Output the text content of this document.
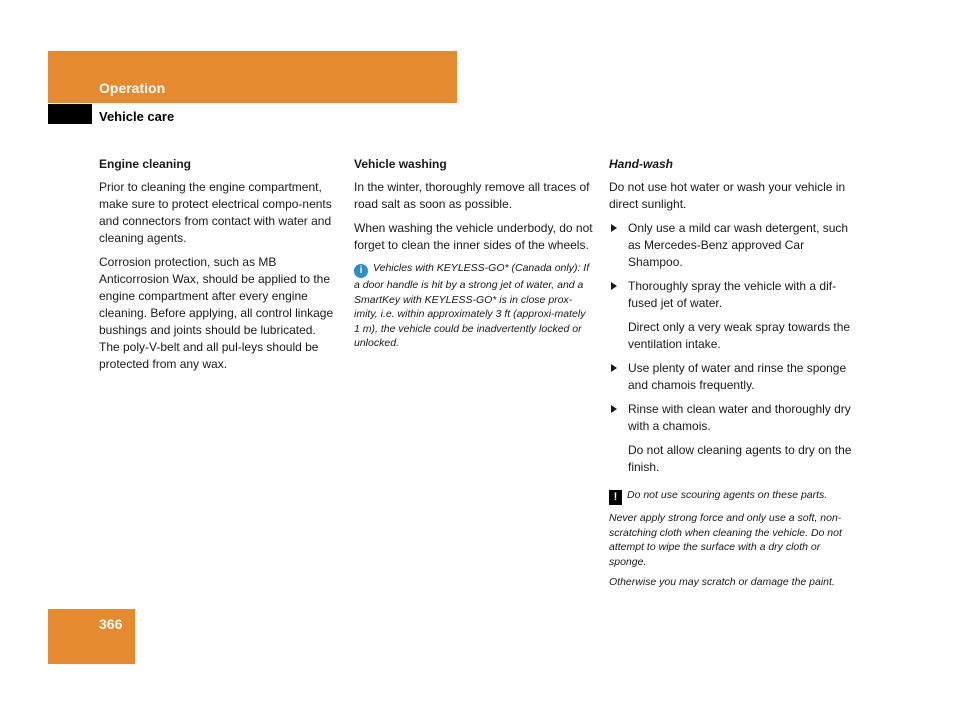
Operation
Vehicle care
Engine cleaning

Prior to cleaning the engine compartment, make sure to protect electrical compo-nents and connectors from contact with water and cleaning agents.

Corrosion protection, such as MB Anticorrosion Wax, should be applied to the engine compartment after every engine cleaning. Before applying, all control linkage bushings and joints should be lubricated. The poly-V-belt and all pul-leys should be protected from any wax.

Vehicle washing

In the winter, thoroughly remove all traces of road salt as soon as possible.

When washing the vehicle underbody, do not forget to clean the inner sides of the wheels.

i Vehicles with KEYLESS-GO* (Canada only): If a door handle is hit by a strong jet of water, and a SmartKey with KEYLESS-GO* is in close prox-imity, i.e. within approximately 3 ft (approxi-mately 1 m), the vehicle could be inadvertently locked or unlocked.

Hand-wash

Do not use hot water or wash your vehicle in direct sunlight.

Only use a mild car wash detergent, such as Mercedes-Benz approved Car Shampoo.
Thoroughly spray the vehicle with a dif-fused jet of water.

Direct only a very weak spray towards the ventilation intake.

Use plenty of water and rinse the sponge and chamois frequently.
Rinse with clean water and thoroughly dry with a chamois.

Do not allow cleaning agents to dry on the finish.

! Do not use scouring agents on these parts.

Never apply strong force and only use a soft, non-scratching cloth when cleaning the vehicle. Do not attempt to wipe the surface with a dry cloth or sponge.

Otherwise you may scratch or damage the paint.

366
